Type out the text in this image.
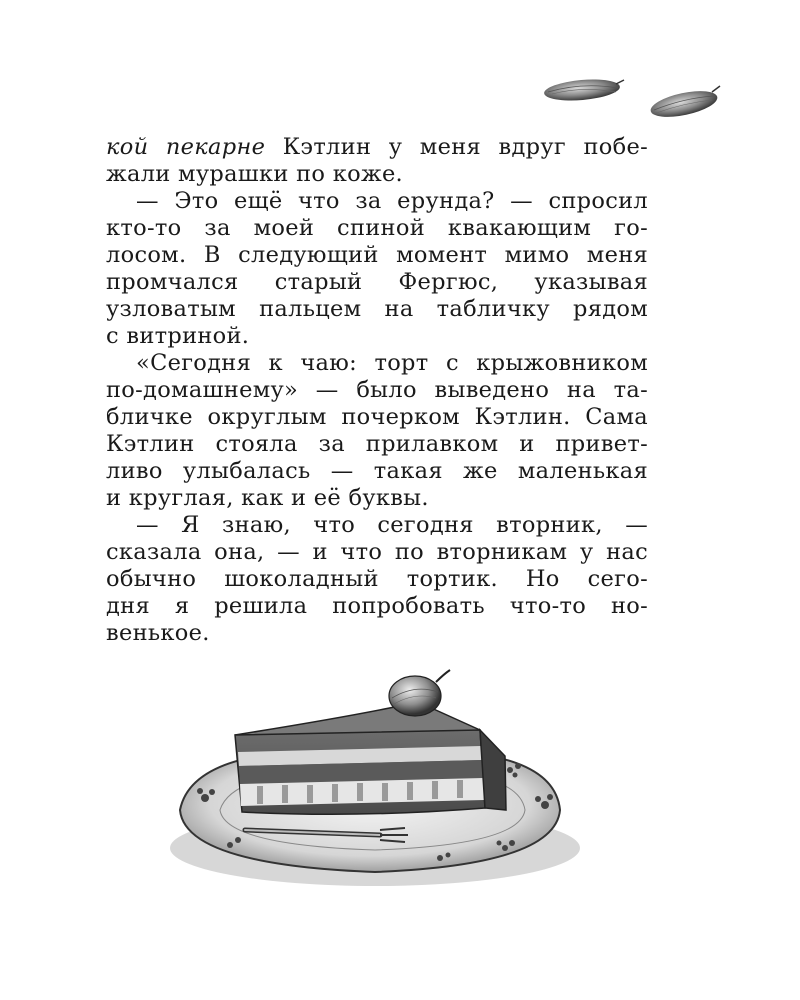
кой пекарне Кэтлин у меня вдруг побе-
жали мурашки по коже.
— Это ещё что за ерунда? — спросил
кто-то за моей спиной квакающим го-
лосом. В следующий момент мимо меня
промчался старый Фергюс, указывая
узловатым пальцем на табличку рядом
с витриной.
«Сегодня к чаю: торт с крыжовником
по-домашнему» — было выведено на та-
бличке округлым почерком Кэтлин. Сама
Кэтлин стояла за прилавком и привет-
ливо улыбалась — такая же маленькая
и круглая, как и её буквы.
— Я знаю, что сегодня вторник, —
сказала она, — и что по вторникам у нас
обычно шоколадный тортик. Но сего-
дня я решила попробовать что-то но-
венькое.
